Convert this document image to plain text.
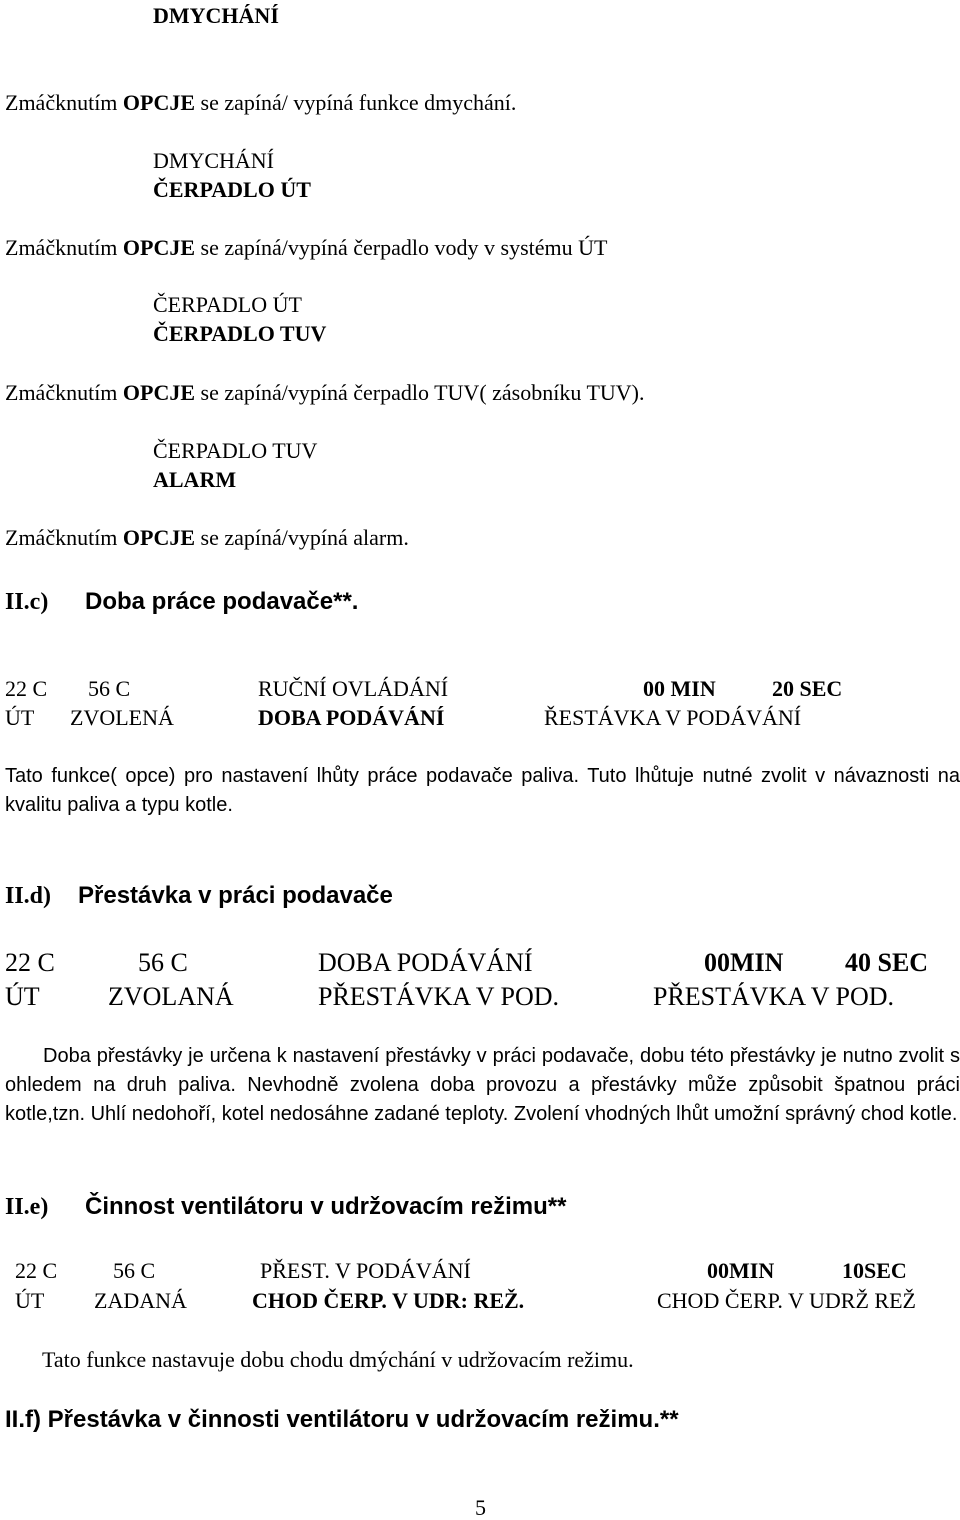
DMYCHÁNÍ
Zmáčknutím OPCJE se zapíná/ vypíná funkce dmychání.
DMYCHÁNÍ
ČERPADLO ÚT
Zmáčknutím OPCJE se zapíná/vypíná čerpadlo vody v systému ÚT
ČERPADLO ÚT
ČERPADLO TUV
Zmáčknutím OPCJE se zapíná/vypíná čerpadlo TUV( zásobníku TUV).
ČERPADLO TUV
ALARM
Zmáčknutím OPCJE se zapíná/vypíná alarm.
II.c) Doba práce podavače**.
22 C 56 C	RUČNÍ OVLÁDÁNÍ	00 MIN	20 SEC
ÚT ZVOLENÁ	DOBA PODÁVÁNÍ	ŘESTÁVKA V PODÁVÁNÍ
Tato funkce( opce) pro nastavení lhůty práce podavače paliva. Tuto lhůtuje nutné zvolit v návaznosti na kvalitu paliva a typu kotle.
II.d) Přestávka v práci podavače
22 C	56 C	DOBA PODÁVÁNÍ	00MIN 40 SEC
ÚT	ZVOLANÁ	PŘESTÁVKA V POD.	PŘESTÁVKA V POD.
Doba přestávky je určena k nastavení přestávky v práci podavače, dobu této přestávky je nutno zvolit s ohledem na druh paliva. Nevhodně zvolena doba provozu a přestávky může způsobit špatnou práci kotle,tzn. Uhlí nedohoří, kotel nedosáhne zadané teploty. Zvolení vhodných lhůt umožní správný chod kotle.
II.e) Činnost ventilátoru v udržovacím režimu**
22 C	56 C	PŘEST. V PODÁVÁNÍ	00MIN	10SEC
ÚT ZADANÁ	CHOD ČERP. V UDR: REŽ.	CHOD ČERP. V UDRŽ REŽ
Tato funkce nastavuje dobu chodu dmýchání v udržovacím režimu.
II.f) Přestávka v činnosti ventilátoru v udržovacím režimu.**
5
